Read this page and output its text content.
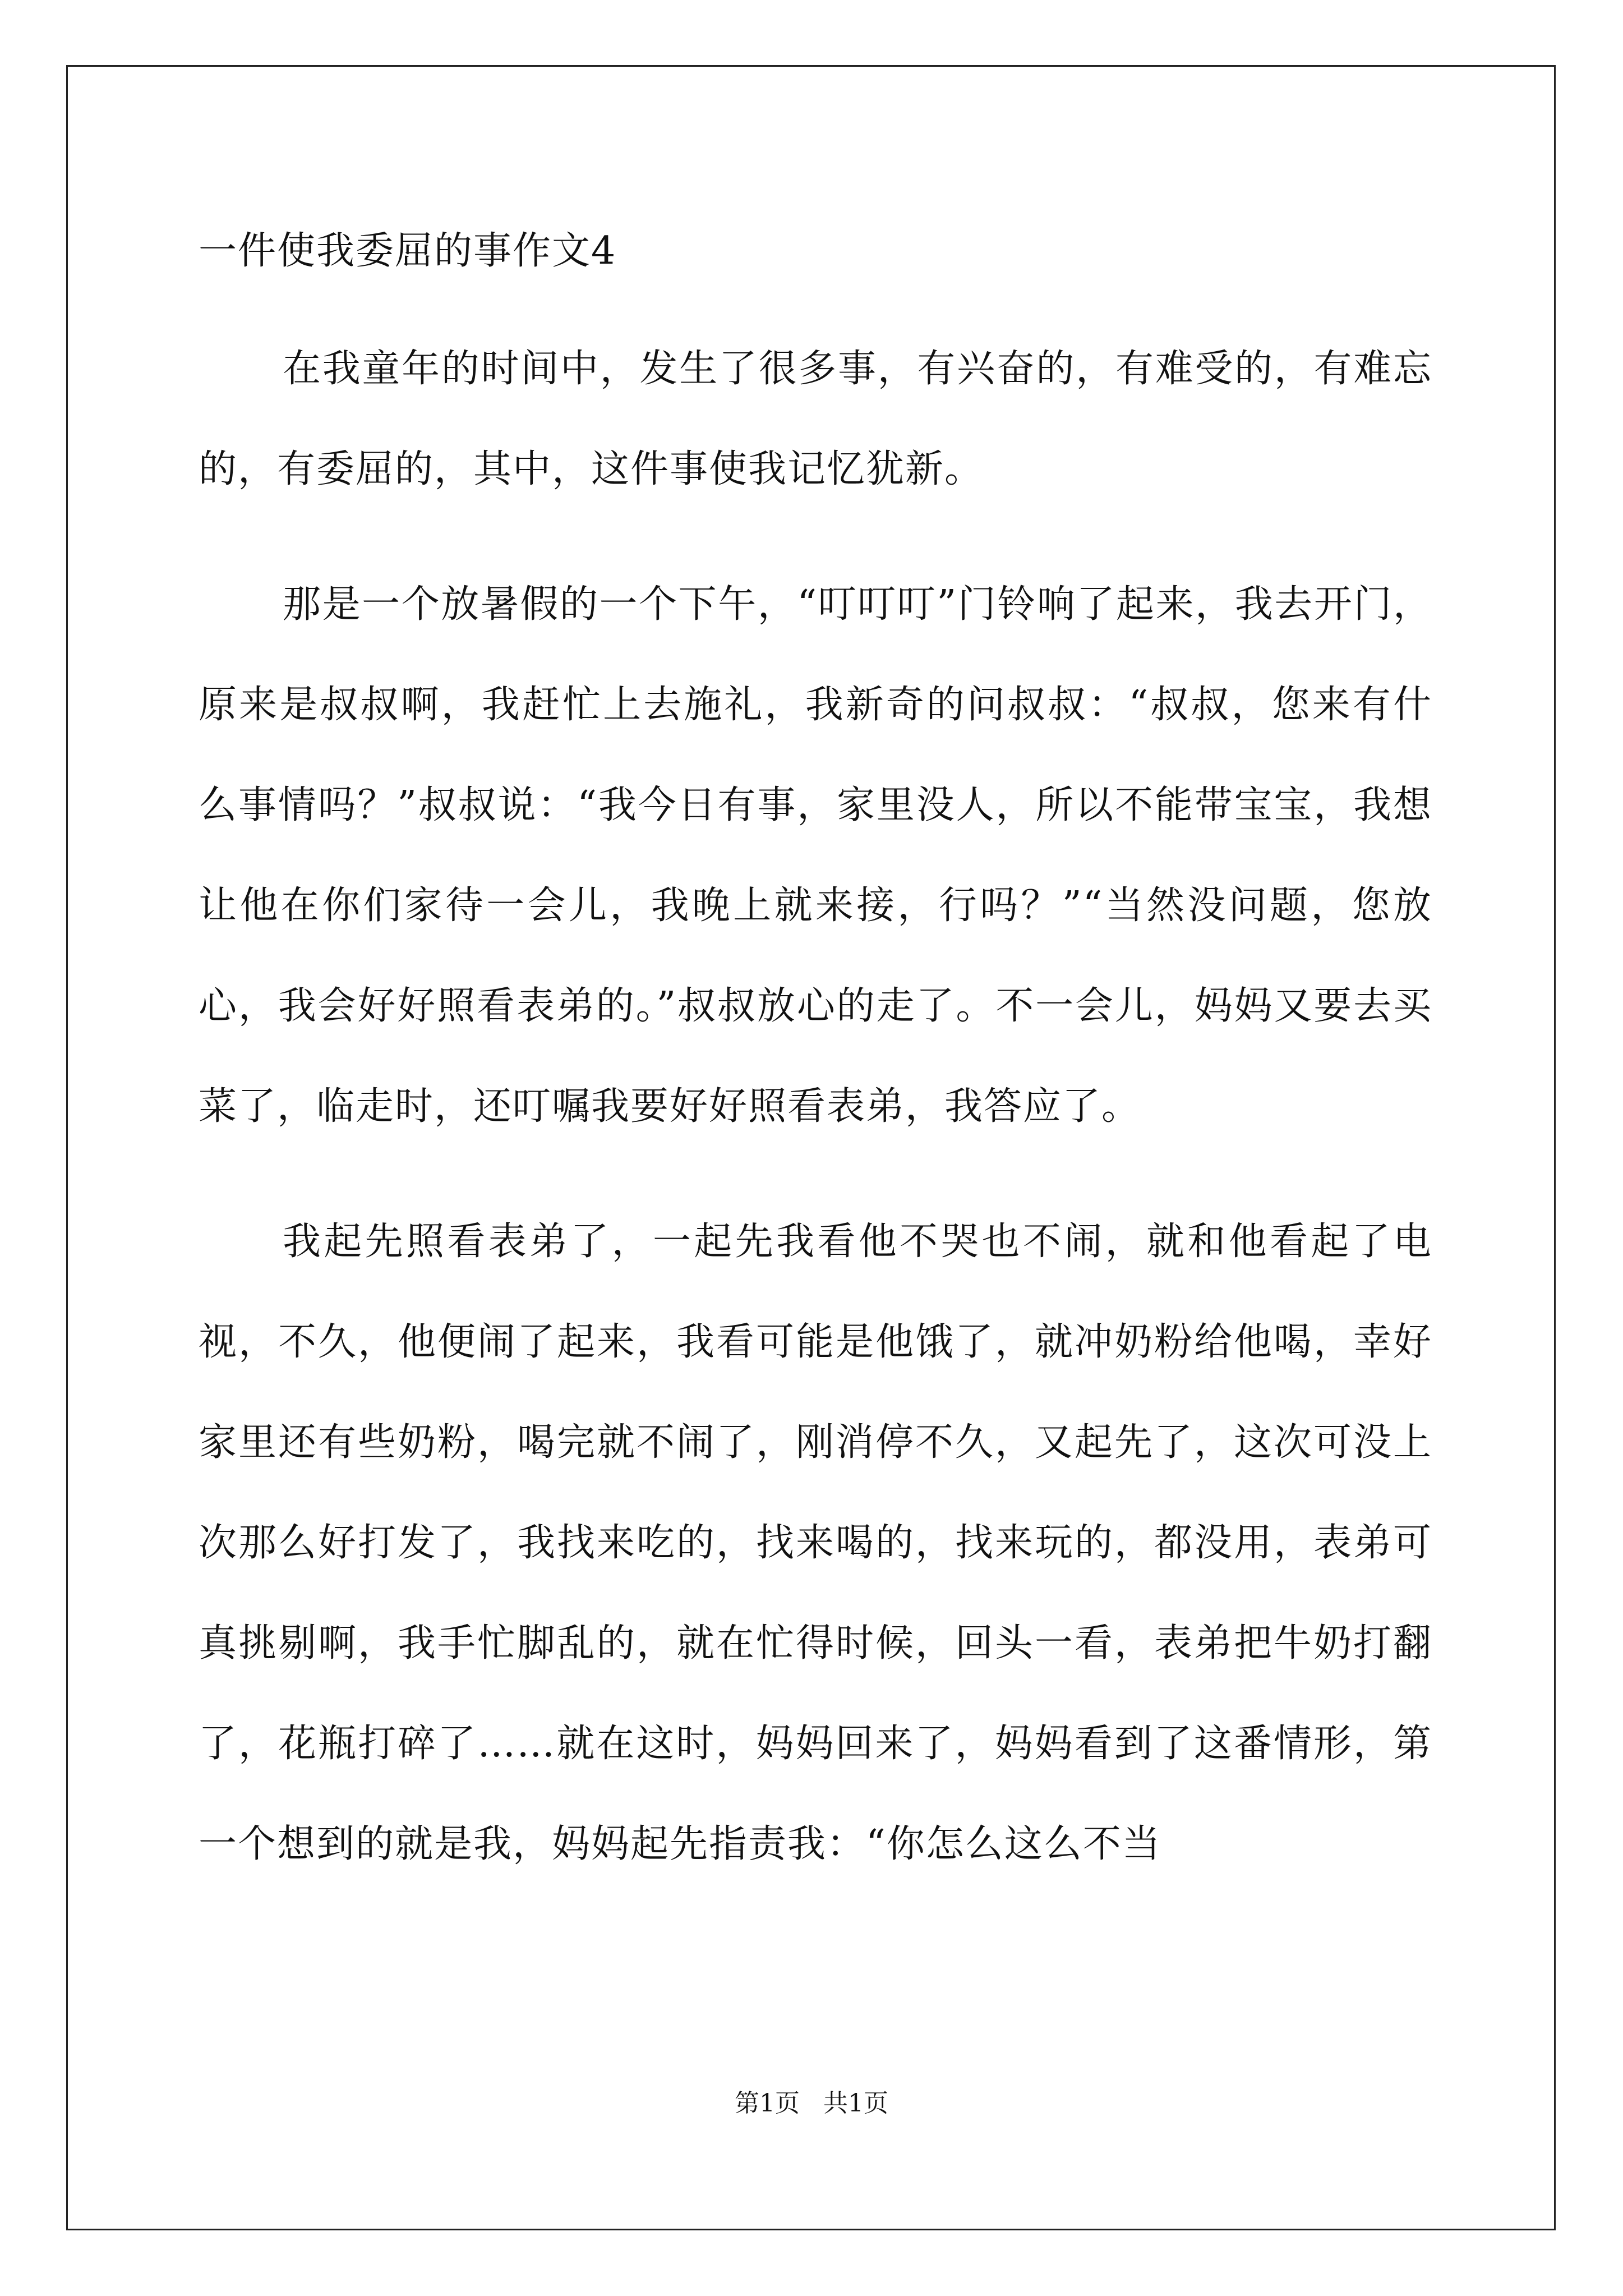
一件使我委屈的事作文4

在我童年的时间中，发生了很多事，有兴奋的，有难受的，有难忘的，有委屈的，其中，这件事使我记忆犹新。

那是一个放暑假的一个下午，“叮叮叮”门铃响了起来，我去开门，原来是叔叔啊，我赶忙上去施礼，我新奇的问叔叔：“叔叔，您来有什么事情吗？”叔叔说：“我今日有事，家里没人，所以不能带宝宝，我想让他在你们家待一会儿，我晚上就来接，行吗？”“当然没问题，您放心，我会好好照看表弟的。”叔叔放心的走了。不一会儿，妈妈又要去买菜了，临走时，还叮嘱我要好好照看表弟，我答应了。

我起先照看表弟了，一起先我看他不哭也不闹，就和他看起了电视，不久，他便闹了起来，我看可能是他饿了，就冲奶粉给他喝，幸好家里还有些奶粉，喝完就不闹了，刚消停不久，又起先了，这次可没上次那么好打发了，我找来吃的，找来喝的，找来玩的，都没用，表弟可真挑剔啊，我手忙脚乱的，就在忙得时候，回头一看，表弟把牛奶打翻了，花瓶打碎了……就在这时，妈妈回来了，妈妈看到了这番情形，第一个想到的就是我，妈妈起先指责我：“你怎么这么不当

第1页   共1页
